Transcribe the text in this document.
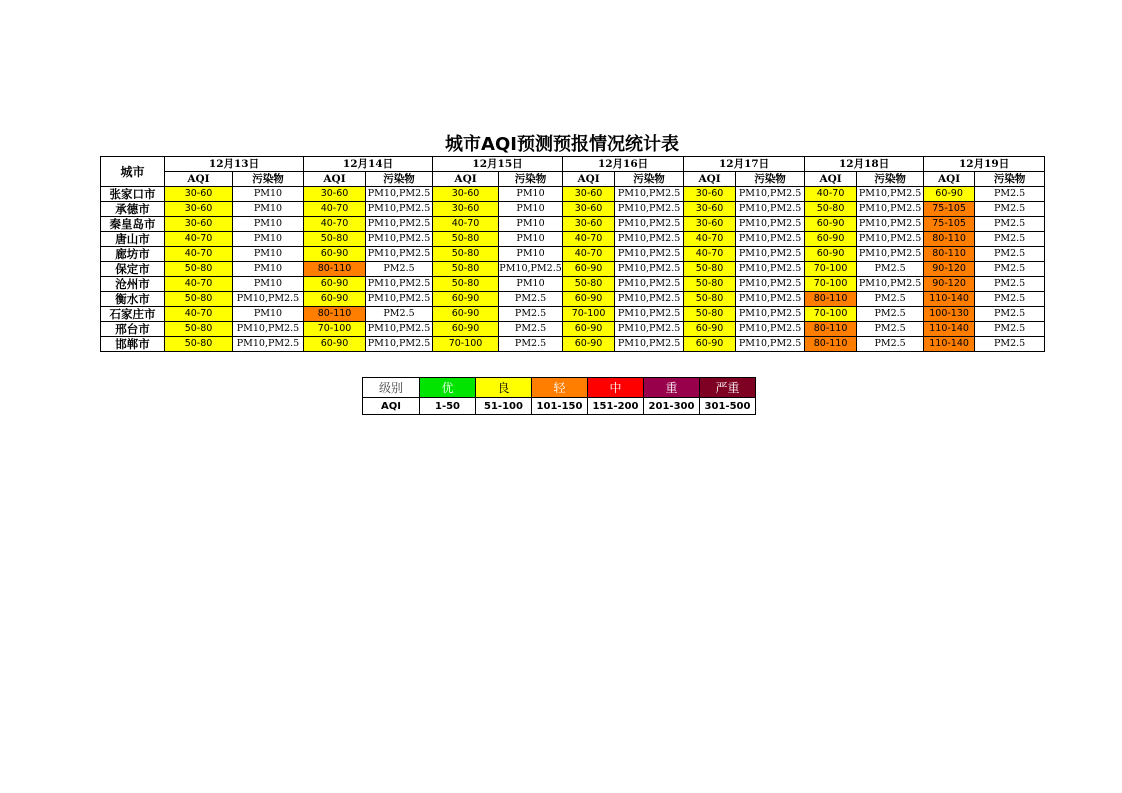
城市AQI预测预报情况统计表
城市	12月13日		12月14日		12月15日		12月16日		12月17日		12月18日		12月19日	
	AQI	污染物	AQI	污染物	AQI	污染物	AQI	污染物	AQI	污染物	AQI	污染物	AQI	污染物
张家口市	30-60	PM10	30-60	PM10,PM2.5	30-60	PM10	30-60	PM10,PM2.5	30-60	PM10,PM2.5	40-70	PM10,PM2.5	60-90	PM2.5
承德市	30-60	PM10	40-70	PM10,PM2.5	30-60	PM10	30-60	PM10,PM2.5	30-60	PM10,PM2.5	50-80	PM10,PM2.5	75-105	PM2.5
秦皇岛市	30-60	PM10	40-70	PM10,PM2.5	40-70	PM10	30-60	PM10,PM2.5	30-60	PM10,PM2.5	60-90	PM10,PM2.5	75-105	PM2.5
唐山市	40-70	PM10	50-80	PM10,PM2.5	50-80	PM10	40-70	PM10,PM2.5	40-70	PM10,PM2.5	60-90	PM10,PM2.5	80-110	PM2.5
廊坊市	40-70	PM10	60-90	PM10,PM2.5	50-80	PM10	40-70	PM10,PM2.5	40-70	PM10,PM2.5	60-90	PM10,PM2.5	80-110	PM2.5
保定市	50-80	PM10	80-110	PM2.5	50-80	PM10,PM2.5	60-90	PM10,PM2.5	50-80	PM10,PM2.5	70-100	PM2.5	90-120	PM2.5
沧州市	40-70	PM10	60-90	PM10,PM2.5	50-80	PM10	50-80	PM10,PM2.5	50-80	PM10,PM2.5	70-100	PM10,PM2.5	90-120	PM2.5
衡水市	50-80	PM10,PM2.5	60-90	PM10,PM2.5	60-90	PM2.5	60-90	PM10,PM2.5	50-80	PM10,PM2.5	80-110	PM2.5	110-140	PM2.5
石家庄市	40-70	PM10	80-110	PM2.5	60-90	PM2.5	70-100	PM10,PM2.5	50-80	PM10,PM2.5	70-100	PM2.5	100-130	PM2.5
邢台市	50-80	PM10,PM2.5	70-100	PM10,PM2.5	60-90	PM2.5	60-90	PM10,PM2.5	60-90	PM10,PM2.5	80-110	PM2.5	110-140	PM2.5
邯郸市	50-80	PM10,PM2.5	60-90	PM10,PM2.5	70-100	PM2.5	60-90	PM10,PM2.5	60-90	PM10,PM2.5	80-110	PM2.5	110-140	PM2.5
级别	优	良	轻	中	重	严重
AQI	1-50	51-100	101-150	151-200	201-300	301-500
